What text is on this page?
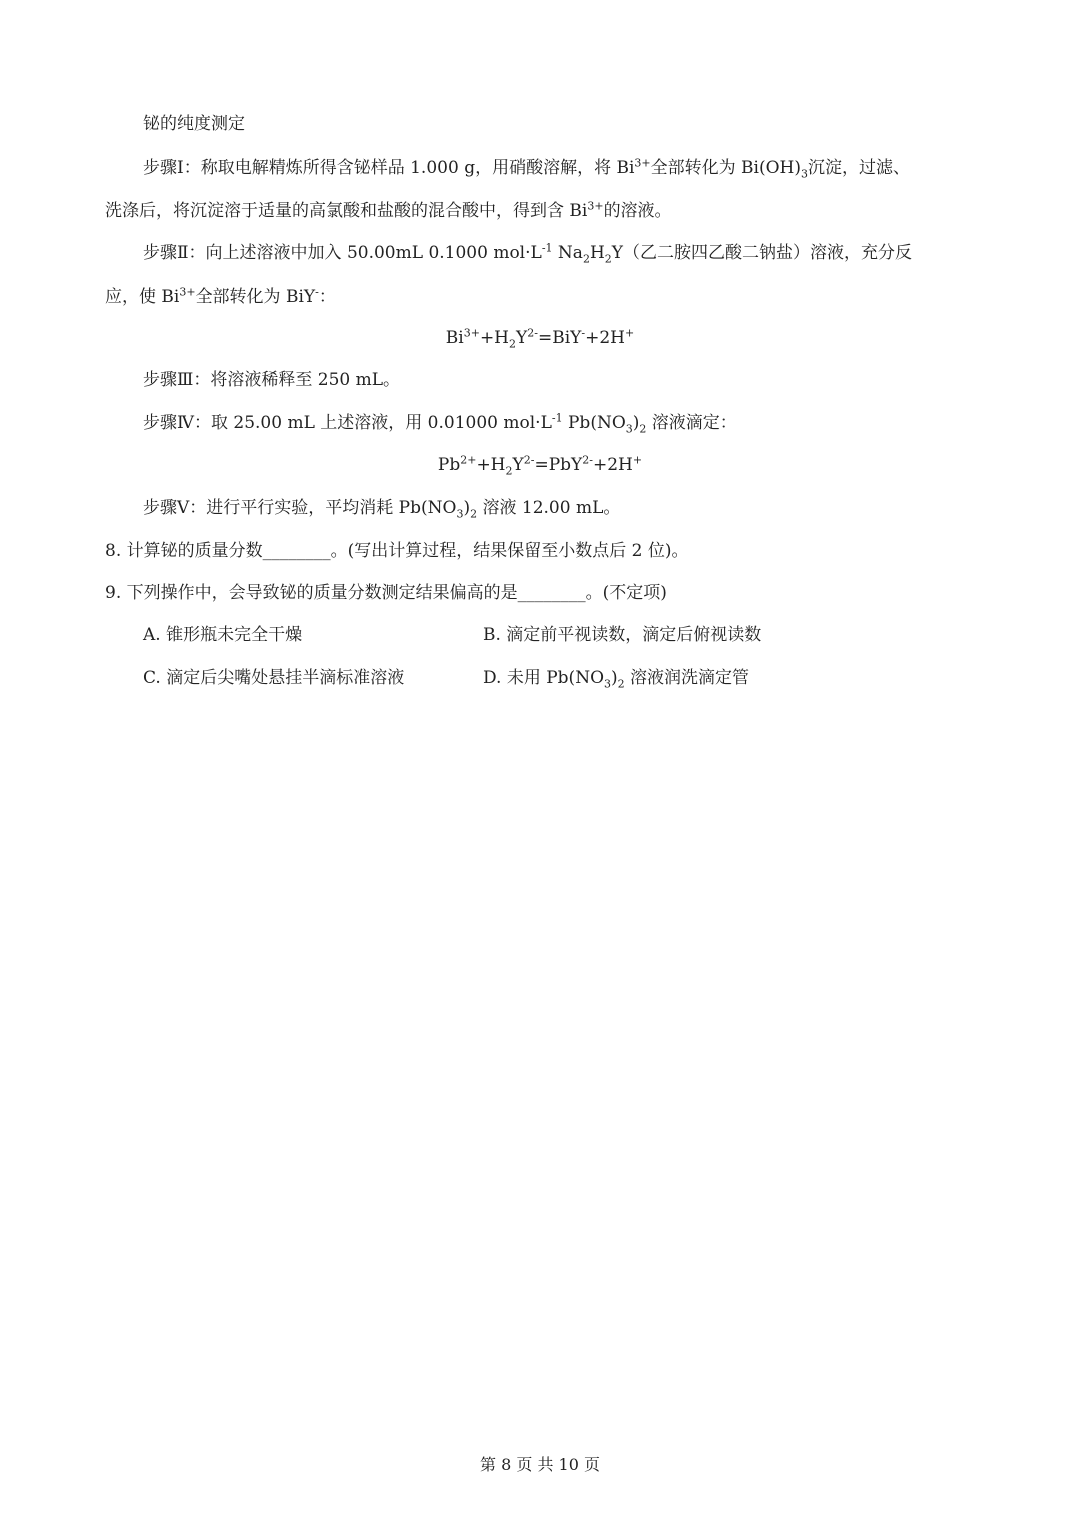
铋的纯度测定
步骤Ⅰ：称取电解精炼所得含铋样品 1.000 g，用硝酸溶解，将 $Bi^{3+}$全部转化为 $Bi(OH)_3$沉淀，过滤、
洗涤后，将沉淀溶于适量的高氯酸和盐酸的混合酸中，得到含 $Bi^{3+}$的溶液。
步骤Ⅱ：向上述溶液中加入 50.00mL 0.1000 $mol\cdot L^{-1}$ $Na_2H_2Y$（乙二胺四乙酸二钠盐）溶液，充分反
应，使 $Bi^{3+}$全部转化为 BiY-：
$Bi^{3+}+H_2Y^{2-}=BiY^-+2H^+$
步骤Ⅲ：将溶液稀释至 250 mL。
步骤Ⅳ：取 25.00 mL 上述溶液，用 0.01000 $mol\cdot L^{-1}$ $Pb(NO_3)_2$ 溶液滴定：
$Pb^{2+}+H_2Y^{2-}=PbY^{2-}+2H^+$
步骤Ⅴ：进行平行实验，平均消耗 $Pb(NO_3)_2$ 溶液 12.00 mL。
8. 计算铋的质量分数________。(写出计算过程，结果保留至小数点后 2 位)。
9. 下列操作中，会导致铋的质量分数测定结果偏高的是________。(不定项)
A. 锥形瓶未完全干燥	B. 滴定前平视读数，滴定后俯视读数
C. 滴定后尖嘴处悬挂半滴标准溶液	D. 未用 $Pb(NO_3)_2$ 溶液润洗滴定管
第 8 页 共 10 页
